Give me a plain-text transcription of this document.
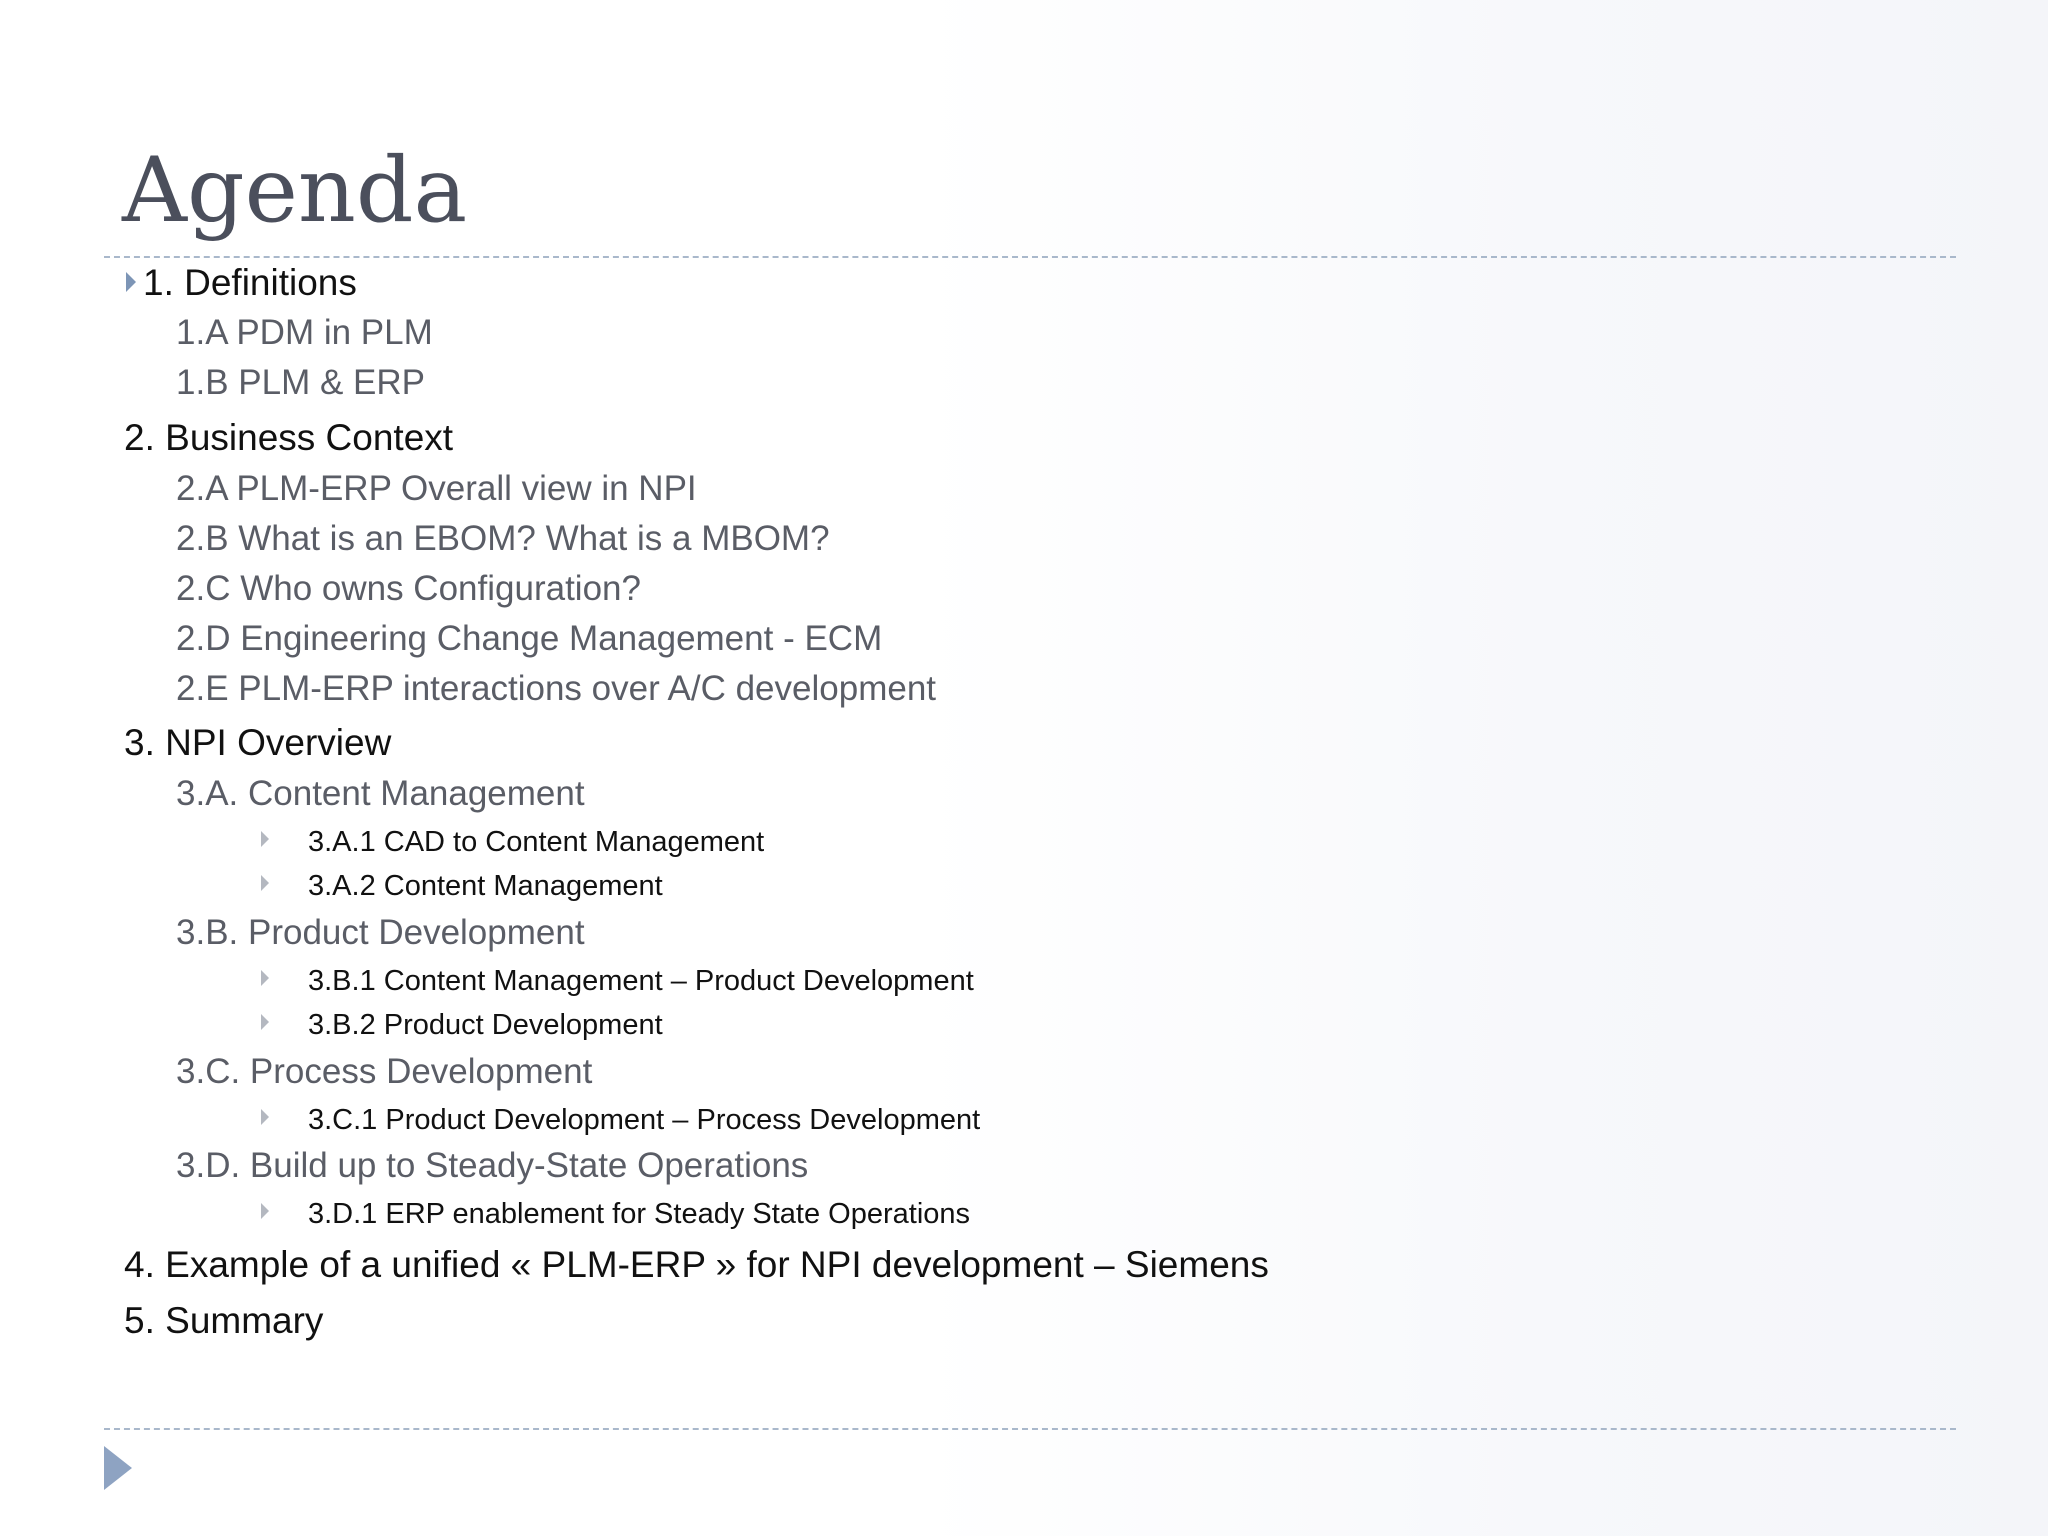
Agenda
1. Definitions
1.A PDM in PLM
1.B PLM & ERP
2. Business Context
2.A PLM-ERP Overall view in NPI
2.B What is an EBOM? What is a MBOM?
2.C Who owns Configuration?
2.D Engineering Change Management - ECM
2.E PLM-ERP interactions over A/C development
3. NPI Overview
3.A. Content Management
3.A.1 CAD to Content Management
3.A.2 Content Management
3.B. Product Development
3.B.1 Content Management – Product Development
3.B.2 Product Development
3.C. Process Development
3.C.1 Product Development – Process Development
3.D. Build up to Steady-State Operations
3.D.1 ERP enablement for Steady State Operations
4. Example of a unified « PLM-ERP » for NPI development – Siemens
5. Summary
